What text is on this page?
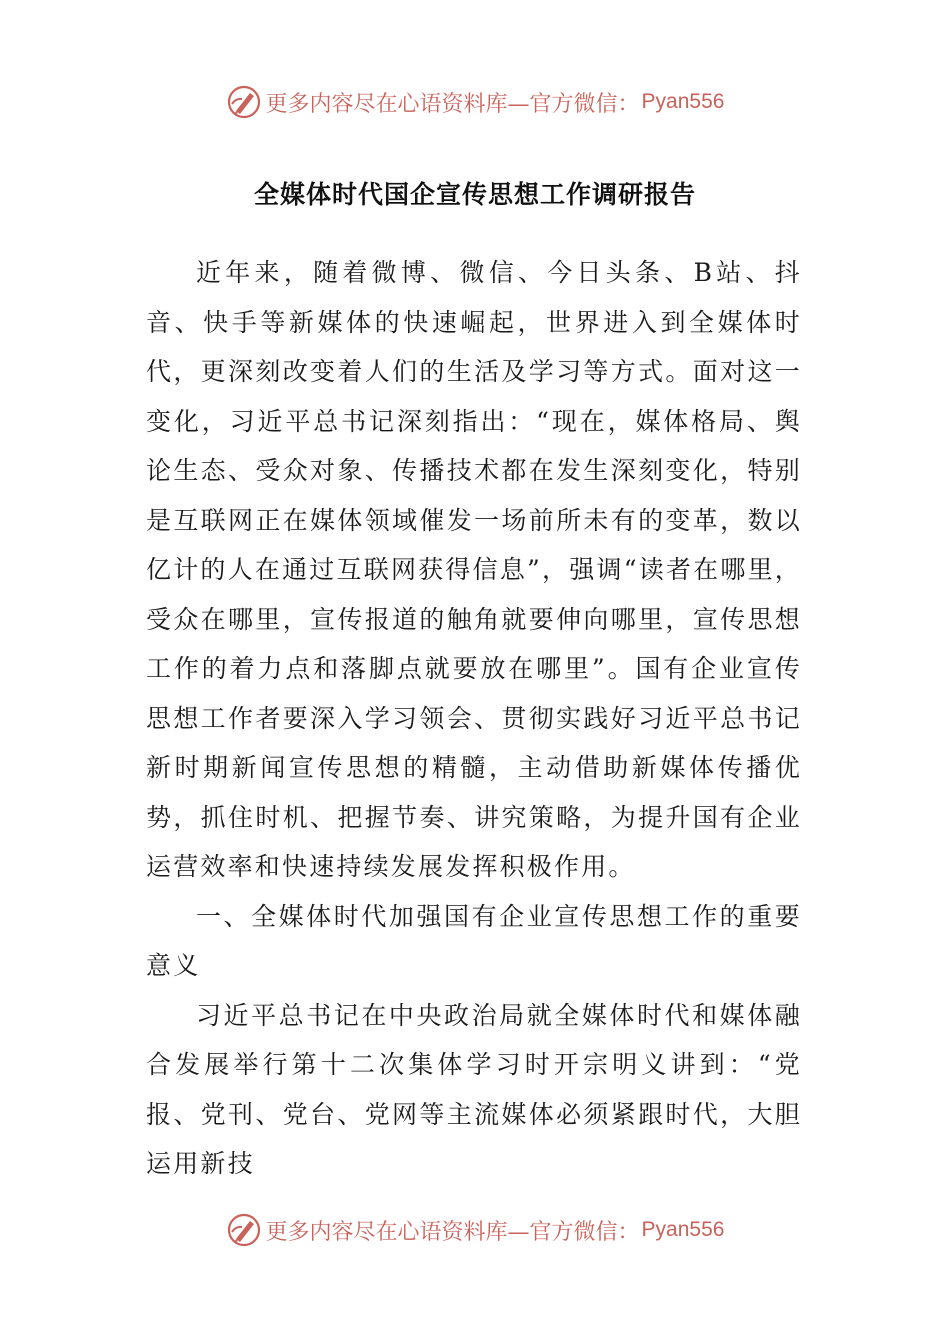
更多内容尽在心语资料库—官方微信： Pyan556
全媒体时代国企宣传思想工作调研报告

近年来，随着微博、微信、今日头条、B站、抖音、快手等新媒体的快速崛起，世界进入到全媒体时代，更深刻改变着人们的生活及学习等方式。面对这一变化，习近平总书记深刻指出：“现在，媒体格局、舆论生态、受众对象、传播技术都在发生深刻变化，特别是互联网正在媒体领域催发一场前所未有的变革，数以亿计的人在通过互联网获得信息”，强调“读者在哪里，受众在哪里，宣传报道的触角就要伸向哪里，宣传思想工作的着力点和落脚点就要放在哪里”。国有企业宣传思想工作者要深入学习领会、贯彻实践好习近平总书记新时期新闻宣传思想的精髓，主动借助新媒体传播优势，抓住时机、把握节奏、讲究策略，为提升国有企业运营效率和快速持续发展发挥积极作用。

一、全媒体时代加强国有企业宣传思想工作的重要意义

习近平总书记在中央政治局就全媒体时代和媒体融合发展举行第十二次集体学习时开宗明义讲到：“党报、党刊、党台、党网等主流媒体必须紧跟时代，大胆运用新技

更多内容尽在心语资料库—官方微信： Pyan556
